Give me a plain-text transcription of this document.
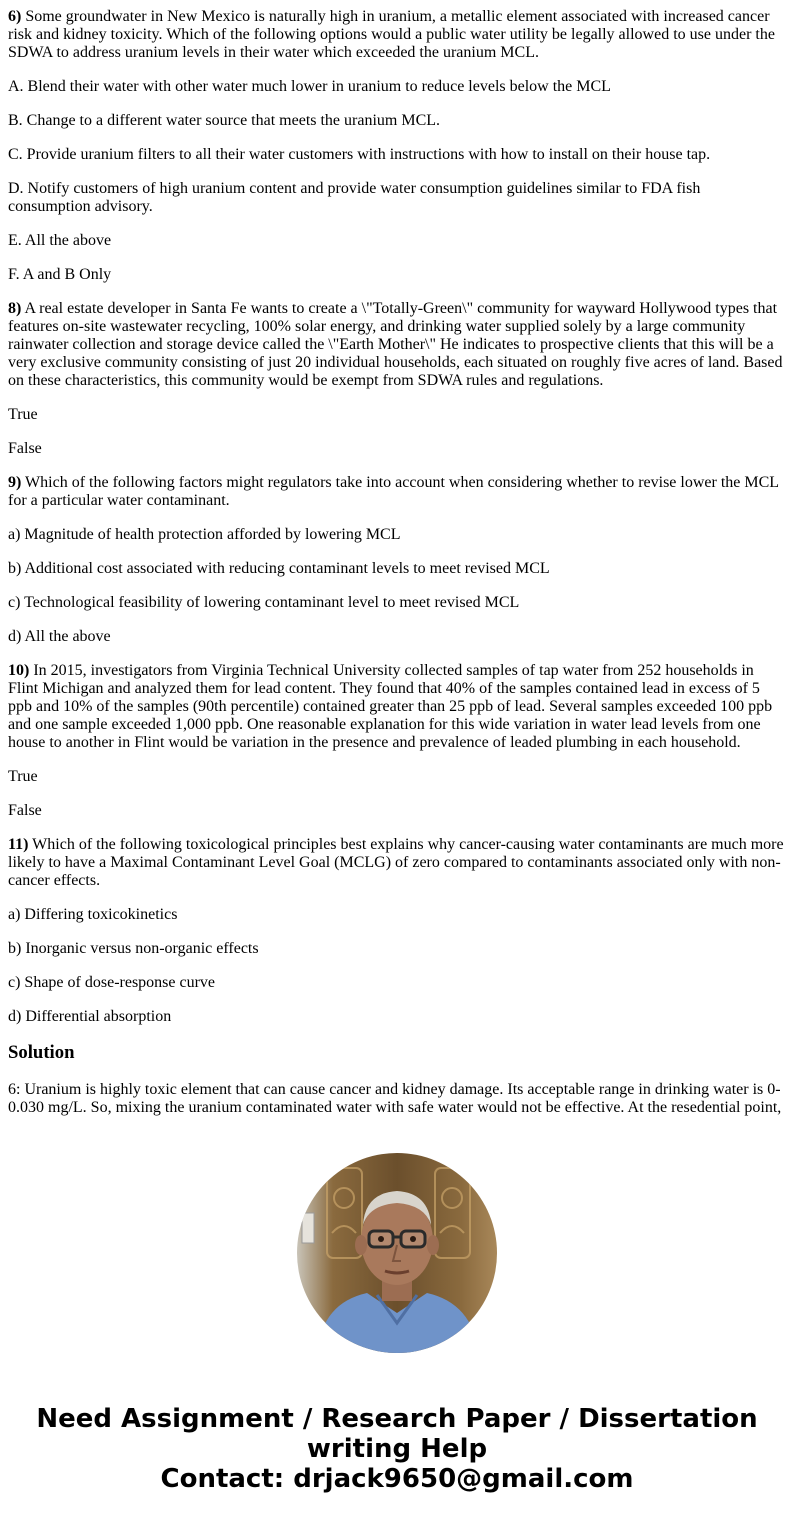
6) Some groundwater in New Mexico is naturally high in uranium, a metallic element associated with increased cancer risk and kidney toxicity. Which of the following options would a public water utility be legally allowed to use under the SDWA to address uranium levels in their water which exceeded the uranium MCL.

A. Blend their water with other water much lower in uranium to reduce levels below the MCL

B. Change to a different water source that meets the uranium MCL.

C. Provide uranium filters to all their water customers with instructions with how to install on their house tap.

D. Notify customers of high uranium content and provide water consumption guidelines similar to FDA fish consumption advisory.

E. All the above

F. A and B Only

8) A real estate developer in Santa Fe wants to create a \"Totally-Green\" community for wayward Hollywood types that features on-site wastewater recycling, 100% solar energy, and drinking water supplied solely by a large community rainwater collection and storage device called the \"Earth Mother\" He indicates to prospective clients that this will be a very exclusive community consisting of just 20 individual households, each situated on roughly five acres of land. Based on these characteristics, this community would be exempt from SDWA rules and regulations.

True

False

9) Which of the following factors might regulators take into account when considering whether to revise lower the MCL for a particular water contaminant.

a) Magnitude of health protection afforded by lowering MCL

b) Additional cost associated with reducing contaminant levels to meet revised MCL

c) Technological feasibility of lowering contaminant level to meet revised MCL

d) All the above

10) In 2015, investigators from Virginia Technical University collected samples of tap water from 252 households in Flint Michigan and analyzed them for lead content. They found that 40% of the samples contained lead in excess of 5 ppb and 10% of the samples (90th percentile) contained greater than 25 ppb of lead. Several samples exceeded 100 ppb and one sample exceeded 1,000 ppb. One reasonable explanation for this wide variation in water lead levels from one house to another in Flint would be variation in the presence and prevalence of leaded plumbing in each household.

True

False

11) Which of the following toxicological principles best explains why cancer-causing water contaminants are much more likely to have a Maximal Contaminant Level Goal (MCLG) of zero compared to contaminants associated only with non-cancer effects.

a) Differing toxicokinetics

b) Inorganic versus non-organic effects

c) Shape of dose-response curve

d) Differential absorption

Solution

6: Uranium is highly toxic element that can cause cancer and kidney damage. Its acceptable range in drinking water is 0-0.030 mg/L. So, mixing the uranium contaminated water with safe water would not be effective. At the resedential point,

Need Assignment / Research Paper / Dissertation
writing Help
Contact: drjack9650@gmail.com
